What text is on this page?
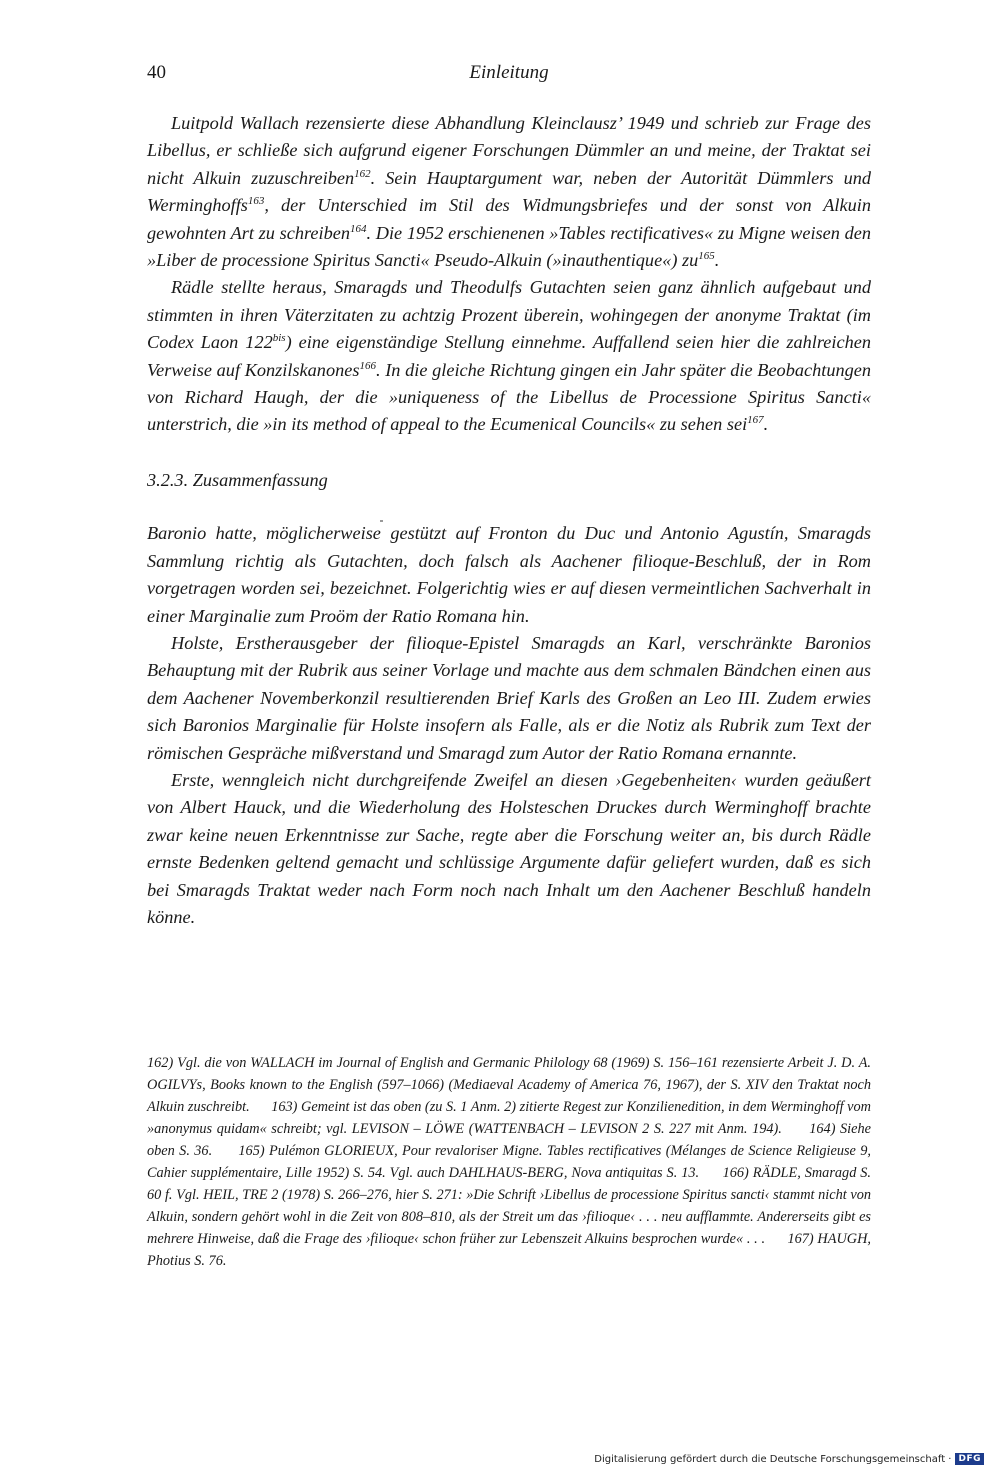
40	Einleitung

Luitpold Wallach rezensierte diese Abhandlung Kleinclausz’ 1949 und schrieb zur Frage des Libellus, er schließe sich aufgrund eigener Forschungen Dümmler an und meine, der Traktat sei nicht Alkuin zuzuschreiben$^{162}$. Sein Hauptargument war, neben der Autorität Dümmlers und Werminghoffs$^{163}$, der Unterschied im Stil des Widmungsbriefes und der sonst von Alkuin gewohnten Art zu schreiben$^{164}$. Die 1952 erschienenen »Tables rectificatives« zu Migne weisen den »Liber de processione Spiritus Sancti« Pseudo-Alkuin (»inauthentique«) $zu^{165}$.

Rädle stellte heraus, Smaragds und Theodulfs Gutachten seien ganz ähnlich aufgebaut und stimmten in ihren Väterzitaten zu achtzig Prozent überein, wohingegen der anonyme Traktat (im Codex Laon $122^{bis}$) eine eigenständige Stellung einnehme. Auffallend seien hier die zahlreichen Verweise auf Konzilskanones$^{166}$. In die gleiche Richtung gingen ein Jahr später die Beobachtungen von Richard Haugh, der die »uniqueness of the Libellus de Processione Spiritus Sancti« unterstrich, die »in its method of appeal to the Ecumenical Councils« zu sehen sei$^{167}$.

3.2.3. Zusammenfassung

Baronio hatte, möglicherweise gestützt auf Fronton du Duc und Antonio Agustín, Smaragds Sammlung richtig als Gutachten, doch falsch als Aachener filioque-Beschluß, der in Rom vorgetragen worden sei, bezeichnet. Folgerichtig wies er auf diesen vermeintlichen Sachverhalt in einer Marginalie zum Proöm der Ratio Romana hin.

Holste, Erstherausgeber der filioque-Epistel Smaragds an Karl, verschränkte Baronios Behauptung mit der Rubrik aus seiner Vorlage und machte aus dem schmalen Bändchen einen aus dem Aachener Novemberkonzil resultierenden Brief Karls des Großen an Leo III. Zudem erwies sich Baronios Marginalie für Holste insofern als Falle, als er die Notiz als Rubrik zum Text der römischen Gespräche mißverstand und Smaragd zum Autor der Ratio Romana ernannte.

Erste, wenngleich nicht durchgreifende Zweifel an diesen ›Gegebenheiten‹ wurden geäußert von Albert Hauck, und die Wiederholung des Holsteschen Druckes durch Werminghoff brachte zwar keine neuen Erkenntnisse zur Sache, regte aber die Forschung weiter an, bis durch Rädle ernste Bedenken geltend gemacht und schlüssige Argumente dafür geliefert wurden, daß es sich bei Smaragds Traktat weder nach Form noch nach Inhalt um den Aachener Beschluß handeln könne.

162) Vgl. die von WALLACH im Journal of English and Germanic Philology 68 (1969) S. 156–161 rezensierte Arbeit J. D. A. OGILVYs, Books known to the English (597–1066) (Mediaeval Academy of America 76, 1967), der S. XIV den Traktat noch Alkuin zuschreibt.      163) Gemeint ist das oben (zu S. 1 Anm. 2) zitierte Regest zur Konzilienedition, in dem Werminghoff vom »anonymus quidam« schreibt; vgl. LEVISON – LÖWE (WATTENBACH – LEVISON 2 S. 227 mit Anm. 194).      164) Siehe oben S. 36.      165) Pulémon GLORIEUX, Pour revaloriser Migne. Tables rectificatives (Mélanges de Science Religieuse 9, Cahier supplémentaire, Lille 1952) S. 54. Vgl. auch DAHLHAUS-BERG, Nova antiquitas S. 13.      166) RÄDLE, Smaragd S. 60 f. Vgl. HEIL, TRE 2 (1978) S. 266–276, hier S. 271: »Die Schrift ›Libellus de processione Spiritus sancti‹ stammt nicht von Alkuin, sondern gehört wohl in die Zeit von 808–810, als der Streit um das ›filioque‹ . . . neu aufflammte. Andererseits gibt es mehrere Hinweise, daß die Frage des ›filioque‹ schon früher zur Lebenszeit Alkuins besprochen wurde« . . .      167) HAUGH, Photius S. 76.

Digitalisierung gefördert durch die Deutsche Forschungsgemeinschaft · DFG
